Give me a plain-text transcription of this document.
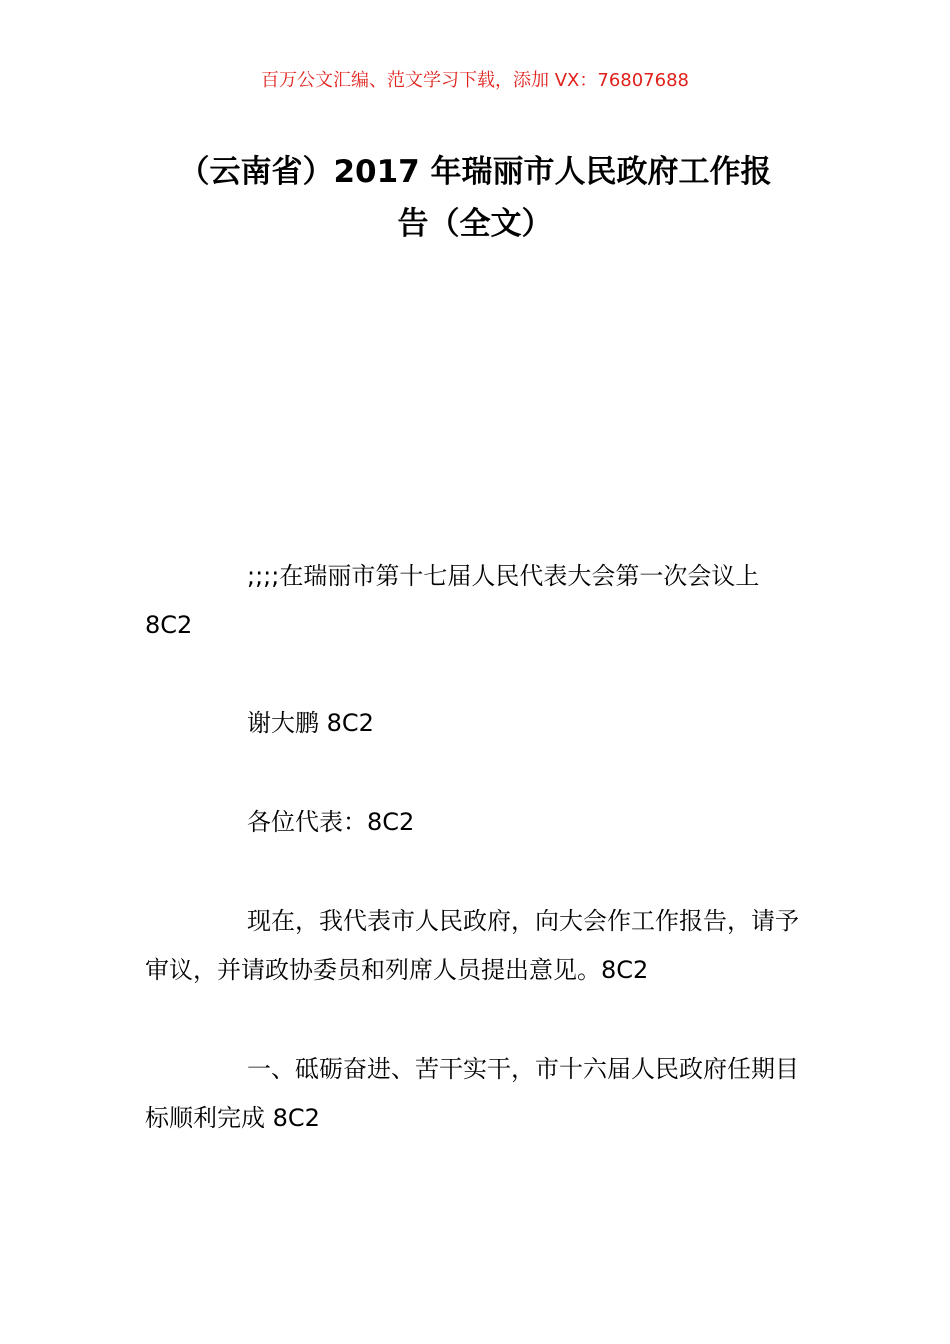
百万公文汇编、范文学习下载，添加 VX：76807688
（云南省）2017 年瑞丽市人民政府工作报
告（全文）

;;;;在瑞丽市第十七届人民代表大会第一次会议上 8C2

谢大鹏 8C2

各位代表：8C2

现在，我代表市人民政府，向大会作工作报告，请予审议，并请政协委员和列席人员提出意见。8C2

一、砥砺奋进、苦干实干，市十六届人民政府任期目标顺利完成 8C2
